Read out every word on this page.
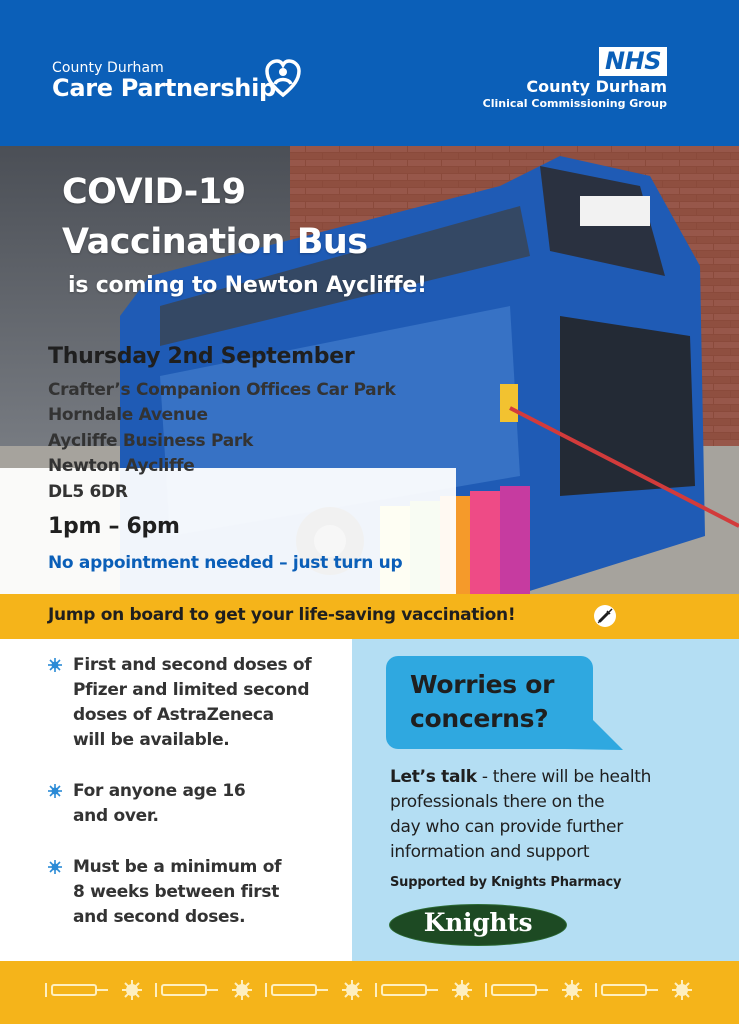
County Durham
Care Partnership
NHS
County Durham
Clinical Commissioning Group
COVID-19
Vaccination Bus
is coming to Newton Aycliffe!
Thursday 2nd September
Crafter’s Companion Offices Car Park
Horndale Avenue
Aycliffe Business Park
Newton Aycliffe
DL5 6DR
1pm – 6pm
No appointment needed – just turn up
Jump on board to get your life-saving vaccination!
First and second doses of
Pfizer and limited second
doses of AstraZeneca
will be available.
For anyone age 16
and over.
Must be a minimum of
8 weeks between first
and second doses.
Worries or
concerns?
Let’s talk - there will be health
professionals there on the
day who can provide further
information and support
Supported by Knights Pharmacy
Knights
